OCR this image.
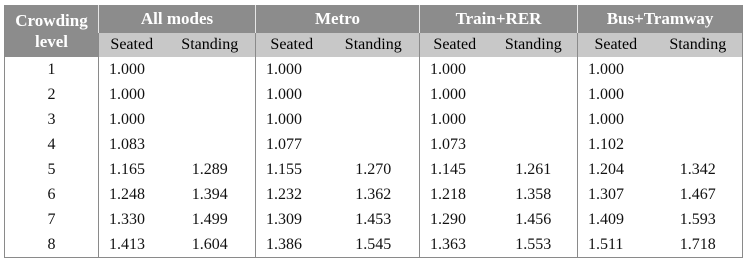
Crowding level	All modes		Metro		Train+RER		Bus+Tramway	
	Seated	Standing	Seated	Standing	Seated	Standing	Seated	Standing
1	1.000		1.000		1.000		1.000	
2	1.000		1.000		1.000		1.000	
3	1.000		1.000		1.000		1.000	
4	1.083		1.077		1.073		1.102	
5	1.165	1.289	1.155	1.270	1.145	1.261	1.204	1.342
6	1.248	1.394	1.232	1.362	1.218	1.358	1.307	1.467
7	1.330	1.499	1.309	1.453	1.290	1.456	1.409	1.593
8	1.413	1.604	1.386	1.545	1.363	1.553	1.511	1.718
